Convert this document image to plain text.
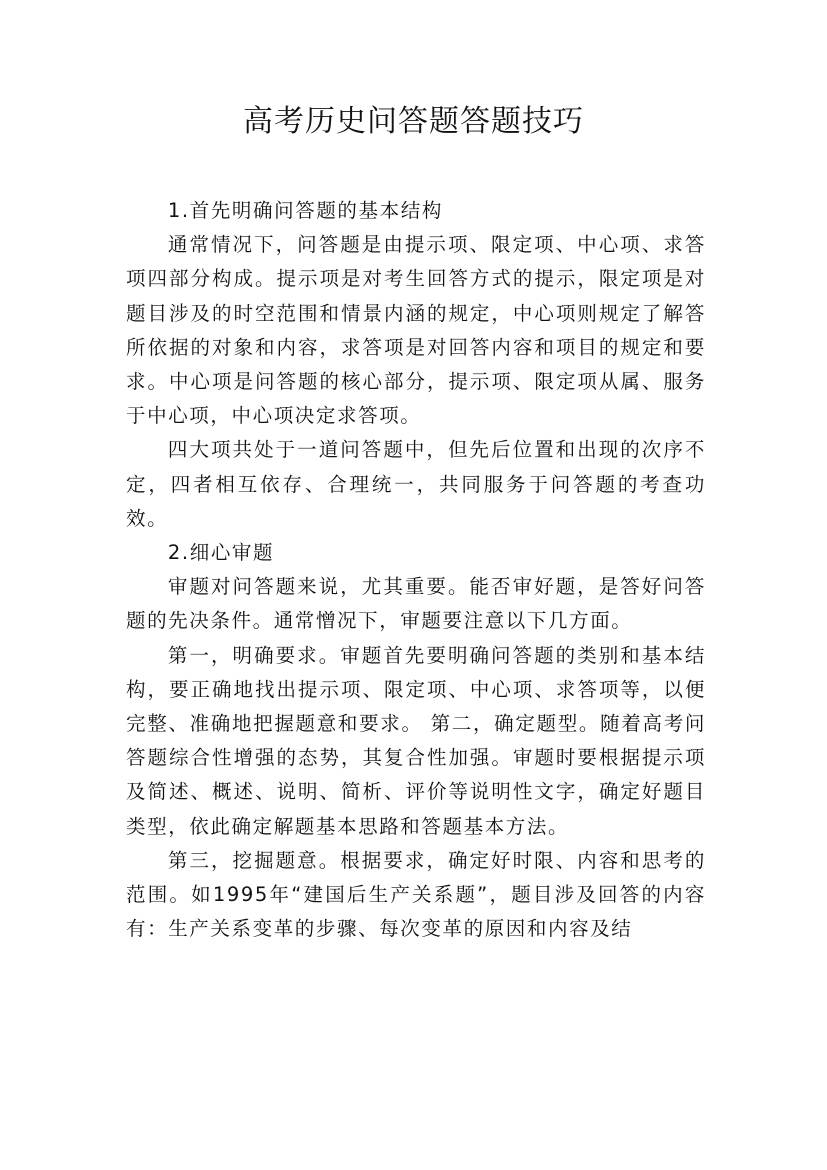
高考历史问答题答题技巧

1.首先明确问答题的基本结构

通常情况下，问答题是由提示项、限定项、中心项、求答项四部分构成。提示项是对考生回答方式的提示，限定项是对题目涉及的时空范围和情景内涵的规定，中心项则规定了解答所依据的对象和内容，求答项是对回答内容和项目的规定和要求。中心项是问答题的核心部分，提示项、限定项从属、服务于中心项，中心项决定求答项。

四大项共处于一道问答题中，但先后位置和出现的次序不定，四者相互依存、合理统一，共同服务于问答题的考查功效。

2.细心审题

审题对问答题来说，尤其重要。能否审好题，是答好问答题的先决条件。通常憎况下，审题要注意以下几方面。

第一，明确要求。审题首先要明确问答题的类别和基本结构，要正确地找出提示项、限定项、中心项、求答项等，以便完整、准确地把握题意和要求。 第二，确定题型。随着高考问答题综合性增强的态势，其复合性加强。审题时要根据提示项及简述、概述、说明、简析、评价等说明性文字，确定好题目类型，依此确定解题基本思路和答题基本方法。

第三，挖掘题意。根据要求，确定好时限、内容和思考的范围。如1995年“建国后生产关系题”，题目涉及回答的内容有：生产关系变革的步骤、每次变革的原因和内容及结
